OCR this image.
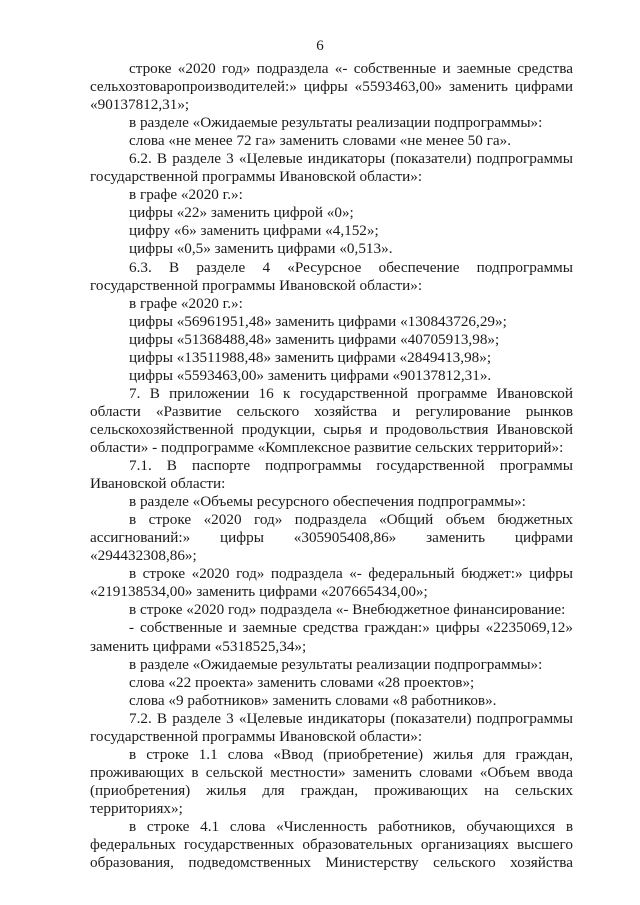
6

строке «2020 год» подраздела «- собственные и заемные средства сельхозтоваропроизводителей:» цифры «5593463,00» заменить цифрами «90137812,31»;

в разделе «Ожидаемые результаты реализации подпрограммы»:

слова «не менее 72 га» заменить словами «не менее 50 га».

6.2. В разделе 3 «Целевые индикаторы (показатели) подпрограммы государственной программы Ивановской области»:

в графе «2020 г.»:

цифры «22» заменить цифрой «0»;

цифру «6» заменить цифрами «4,152»;

цифры «0,5» заменить цифрами «0,513».

6.3. В разделе 4 «Ресурсное обеспечение подпрограммы государственной программы Ивановской области»:

в графе «2020 г.»:

цифры «56961951,48» заменить цифрами «130843726,29»;

цифры «51368488,48» заменить цифрами «40705913,98»;

цифры «13511988,48» заменить цифрами «2849413,98»;

цифры «5593463,00» заменить цифрами «90137812,31».

7. В приложении 16 к государственной программе Ивановской области «Развитие сельского хозяйства и регулирование рынков сельскохозяйственной продукции, сырья и продовольствия Ивановской области» - подпрограмме «Комплексное развитие сельских территорий»:

7.1. В паспорте подпрограммы государственной программы Ивановской области:

в разделе «Объемы ресурсного обеспечения подпрограммы»:

в строке «2020 год» подраздела «Общий объем бюджетных ассигнований:» цифры «305905408,86» заменить цифрами «294432308,86»;

в строке «2020 год» подраздела «- федеральный бюджет:» цифры «219138534,00» заменить цифрами «207665434,00»;

в строке «2020 год» подраздела «- Внебюджетное финансирование:

- собственные и заемные средства граждан:» цифры «2235069,12» заменить цифрами «5318525,34»;

в разделе «Ожидаемые результаты реализации подпрограммы»:

слова «22 проекта» заменить словами «28 проектов»;

слова «9 работников» заменить словами «8 работников».

7.2. В разделе 3 «Целевые индикаторы (показатели) подпрограммы государственной программы Ивановской области»:

в строке 1.1 слова «Ввод (приобретение) жилья для граждан, проживающих в сельской местности» заменить словами «Объем ввода (приобретения) жилья для граждан, проживающих на сельских территориях»;

в строке 4.1 слова «Численность работников, обучающихся в федеральных государственных образовательных организациях высшего образования, подведомственных Министерству сельского хозяйства
